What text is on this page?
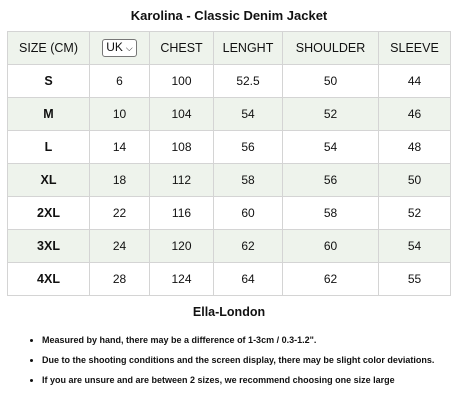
Karolina - Classic Denim Jacket
SIZE (CM)	UK ⌵	CHEST	LENGHT	SHOULDER	SLEEVE
S	6	100	52.5	50	44
M	10	104	54	52	46
L	14	108	56	54	48
XL	18	112	58	56	50
2XL	22	116	60	58	52
3XL	24	120	62	60	54
4XL	28	124	64	62	55
Ella-London
• Measured by hand, there may be a difference of 1-3cm / 0.3-1.2".
• Due to the shooting conditions and the screen display, there may be slight color deviations.
• If you are unsure and are between 2 sizes, we recommend choosing one size large
